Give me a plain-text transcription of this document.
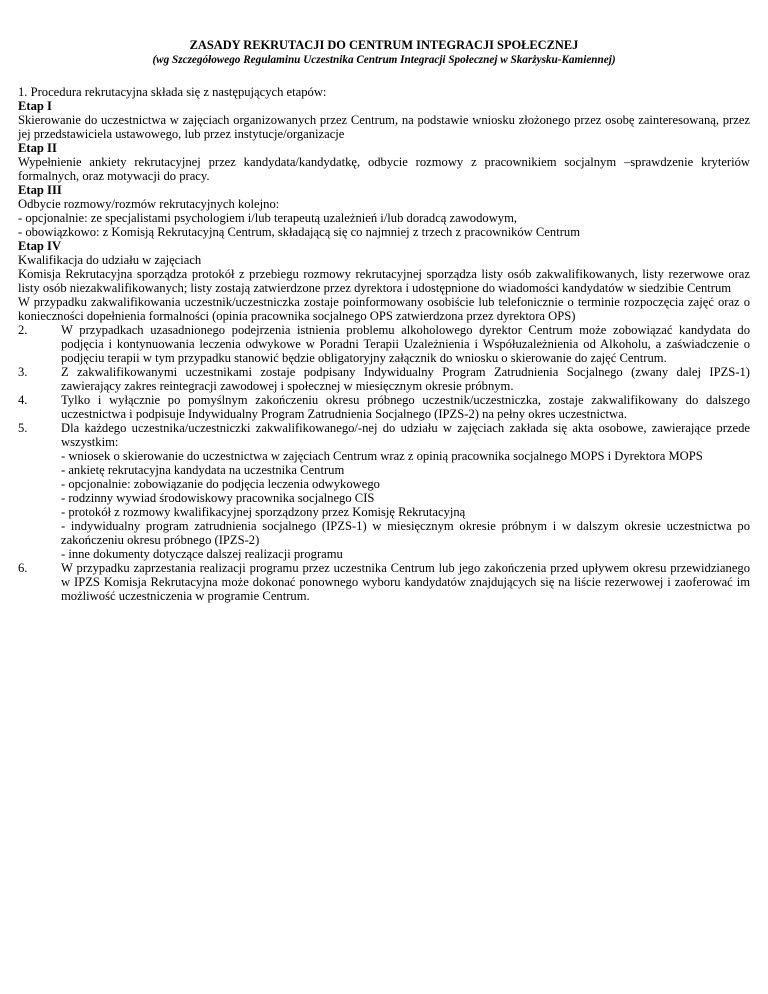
ZASADY REKRUTACJI DO CENTRUM INTEGRACJI SPOŁECZNEJ

(wg Szczegółowego Regulaminu Uczestnika Centrum Integracji Społecznej w Skarżysku-Kamiennej)

1. Procedura rekrutacyjna składa się z następujących etapów:

Etap I

Skierowanie do uczestnictwa w zajęciach organizowanych przez Centrum, na podstawie wniosku złożonego przez osobę zainteresowaną, przez jej przedstawiciela ustawowego, lub przez instytucje/organizacje

Etap II

Wypełnienie ankiety rekrutacyjnej przez kandydata/kandydatkę, odbycie rozmowy z pracownikiem socjalnym –sprawdzenie kryteriów formalnych, oraz motywacji do pracy.

Etap III

Odbycie rozmowy/rozmów rekrutacyjnych kolejno:

- opcjonalnie: ze specjalistami psychologiem i/lub terapeutą uzależnień i/lub doradcą zawodowym,

- obowiązkowo: z Komisją Rekrutacyjną Centrum, składającą się co najmniej z trzech z pracowników Centrum

Etap IV

Kwalifikacja do udziału w zajęciach

Komisja Rekrutacyjna sporządza protokół z przebiegu rozmowy rekrutacyjnej sporządza listy osób zakwalifikowanych, listy rezerwowe oraz listy osób niezakwalifikowanych; listy zostają zatwierdzone przez dyrektora i udostępnione do wiadomości kandydatów w siedzibie Centrum

W przypadku zakwalifikowania uczestnik/uczestniczka zostaje poinformowany osobiście lub telefonicznie o terminie rozpoczęcia zajęć oraz o konieczności dopełnienia formalności (opinia pracownika socjalnego OPS zatwierdzona przez dyrektora OPS)

2.	W przypadkach uzasadnionego podejrzenia istnienia problemu alkoholowego dyrektor Centrum może zobowiązać kandydata do podjęcia i kontynuowania leczenia odwykowe w Poradni Terapii Uzależnienia i Współuzależnienia od Alkoholu, a zaświadczenie o podjęciu terapii w tym przypadku stanowić będzie obligatoryjny załącznik do wniosku o skierowanie do zajęć Centrum.
3.	Z zakwalifikowanymi uczestnikami zostaje podpisany Indywidualny Program Zatrudnienia Socjalnego (zwany dalej IPZS-1) zawierający zakres reintegracji zawodowej i społecznej w miesięcznym okresie próbnym.
4.	Tylko i wyłącznie po pomyślnym zakończeniu okresu próbnego uczestnik/uczestniczka, zostaje zakwalifikowany do dalszego uczestnictwa i podpisuje Indywidualny Program Zatrudnienia Socjalnego (IPZS-2) na pełny okres uczestnictwa.
5.	Dla każdego uczestnika/uczestniczki zakwalifikowanego/-nej do udziału w zajęciach zakłada się akta osobowe, zawierające przede wszystkim:

- wniosek o skierowanie do uczestnictwa w zajęciach Centrum wraz z opinią pracownika socjalnego MOPS i Dyrektora MOPS

- ankietę rekrutacyjna kandydata na uczestnika Centrum

- opcjonalnie: zobowiązanie do podjęcia leczenia odwykowego

- rodzinny wywiad środowiskowy pracownika socjalnego CIS

- protokół z rozmowy kwalifikacyjnej sporządzony przez Komisję Rekrutacyjną

- indywidualny program zatrudnienia socjalnego (IPZS-1) w miesięcznym okresie próbnym i w dalszym okresie uczestnictwa po zakończeniu okresu próbnego (IPZS-2)

- inne dokumenty dotyczące dalszej realizacji programu

6.	W przypadku zaprzestania realizacji programu przez uczestnika Centrum lub jego zakończenia przed upływem okresu przewidzianego w IPZS Komisja Rekrutacyjna może dokonać ponownego wyboru kandydatów znajdujących się na liście rezerwowej i zaoferować im możliwość uczestniczenia w programie Centrum.
